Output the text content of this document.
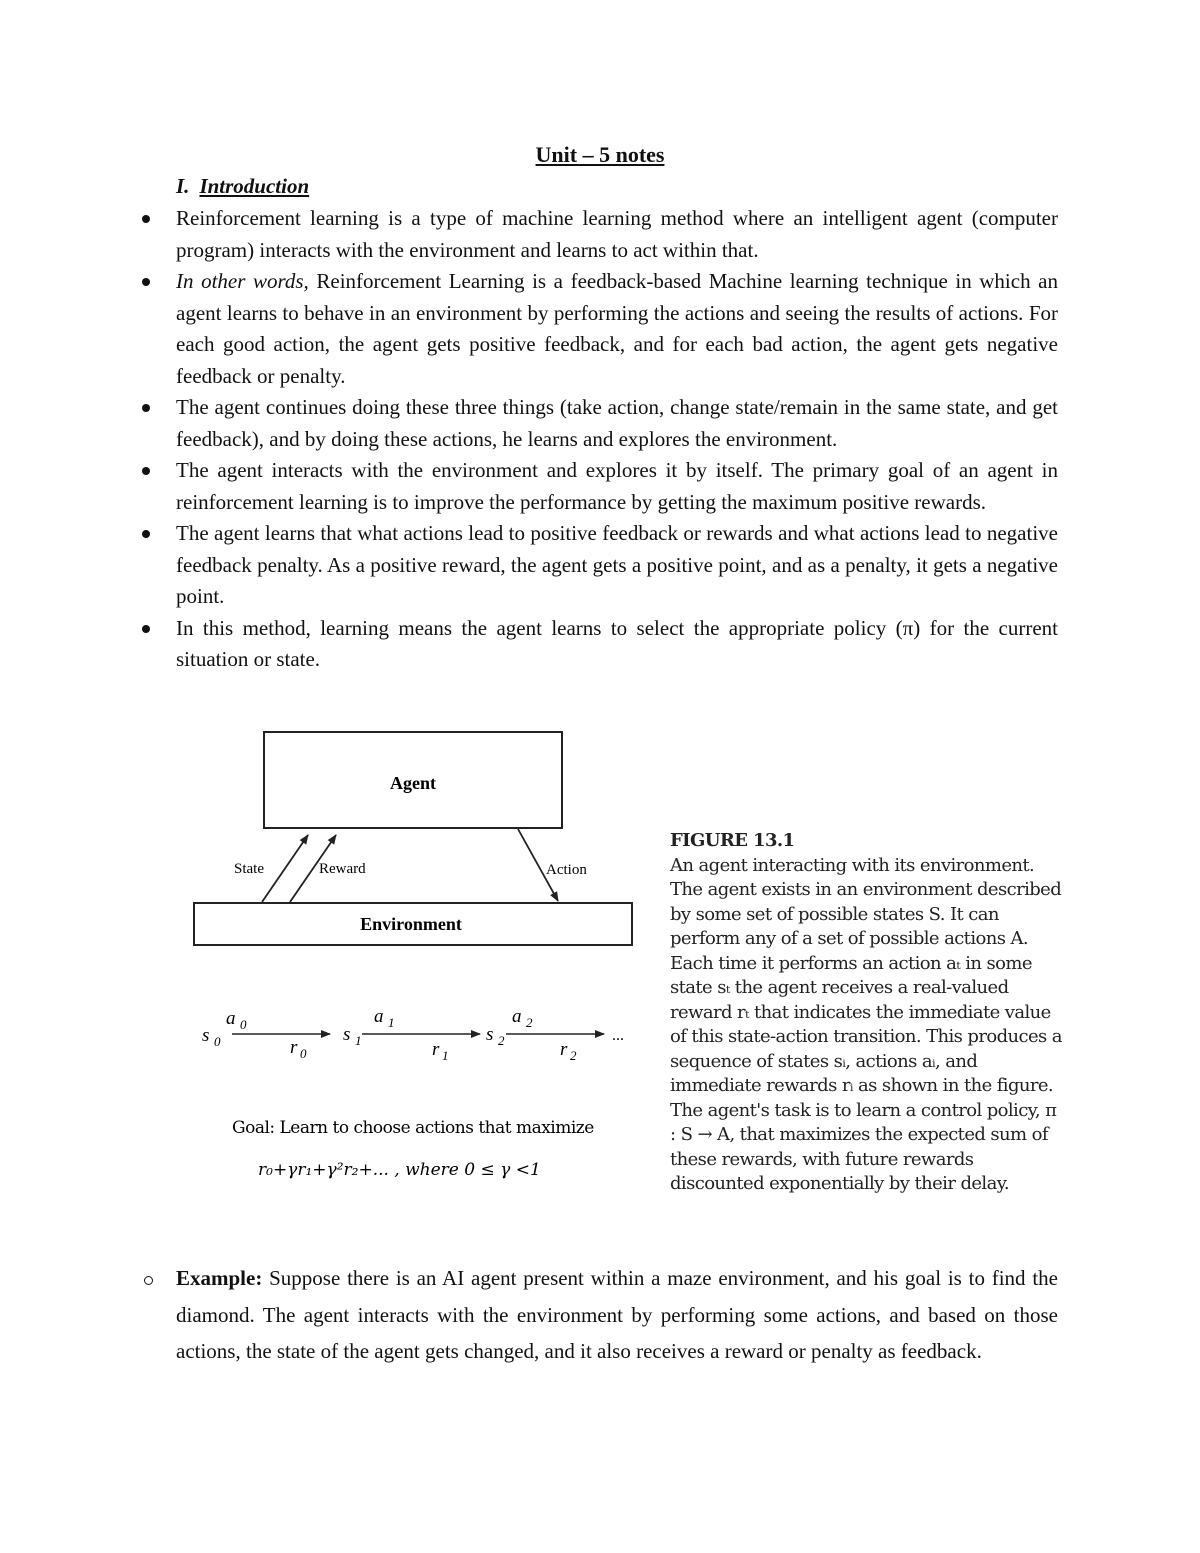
Unit – 5 notes
I. Introduction
Reinforcement learning is a type of machine learning method where an intelligent agent (computer program) interacts with the environment and learns to act within that.
In other words, Reinforcement Learning is a feedback-based Machine learning technique in which an agent learns to behave in an environment by performing the actions and seeing the results of actions. For each good action, the agent gets positive feedback, and for each bad action, the agent gets negative feedback or penalty.
The agent continues doing these three things (take action, change state/remain in the same state, and get feedback), and by doing these actions, he learns and explores the environment.
The agent interacts with the environment and explores it by itself. The primary goal of an agent in reinforcement learning is to improve the performance by getting the maximum positive rewards.
The agent learns that what actions lead to positive feedback or rewards and what actions lead to negative feedback penalty. As a positive reward, the agent gets a positive point, and as a penalty, it gets a negative point.
In this method, learning means the agent learns to select the appropriate policy (π) for the current situation or state.
Agent
Environment
State	Reward	Action
s 0
a 0
r 0
s 1
a 1
r 1
s 2
a 2
r 2
...
Goal: Learn to choose actions that maximize
r₀+γr₁+γ²r₂+... , where 0 ≤ γ <1
FIGURE 13.1

An agent interacting with its environment. The agent exists in an environment described by some set of possible states S. It can perform any of a set of possible actions A. Each time it performs an action aₜ in some state sₜ the agent receives a real-valued reward rₜ that indicates the immediate value of this state-action transition. This produces a sequence of states sᵢ, actions aᵢ, and immediate rewards rᵢ as shown in the figure. The agent's task is to learn a control policy, π : S → A, that maximizes the expected sum of these rewards, with future rewards discounted exponentially by their delay.

Example: Suppose there is an AI agent present within a maze environment, and his goal is to find the diamond. The agent interacts with the environment by performing some actions, and based on those actions, the state of the agent gets changed, and it also receives a reward or penalty as feedback.
